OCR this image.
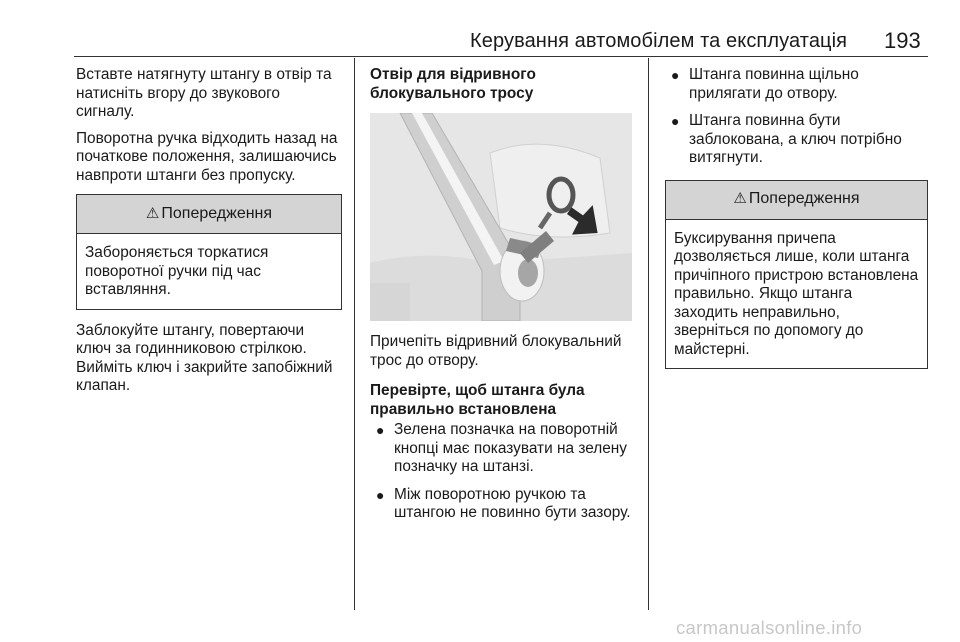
Керування автомобілем та експлуатація 193

Вставте натягнуту штангу в отвір та натисніть вгору до звукового сигналу.

Поворотна ручка відходить назад на початкове положення, залишаючись навпроти штанги без пропуску.

⚠ Попередження
Забороняється торкатися поворотної ручки під час вставляння.

Заблокуйте штангу, повертаючи ключ за годинниковою стрілкою. Вийміть ключ і закрийте запобіжний клапан.

Отвір для відривного блокувального тросу

Причепіть відривний блокувальний трос до отвору.

Перевірте, щоб штанга була правильно встановлена

● Зелена позначка на поворотній кнопці має показувати на зелену позначку на штанзі.
● Між поворотною ручкою та штангою не повинно бути зазору.
● Штанга повинна щільно прилягати до отвору.
● Штанга повинна бути заблокована, а ключ потрібно витягнути.
⚠ Попередження
Буксирування причепа дозволяється лише, коли штанга причіпного пристрою встановлена правильно. Якщо штанга заходить неправильно, зверніться по допомогу до майстерні.
carmanualsonline.info
